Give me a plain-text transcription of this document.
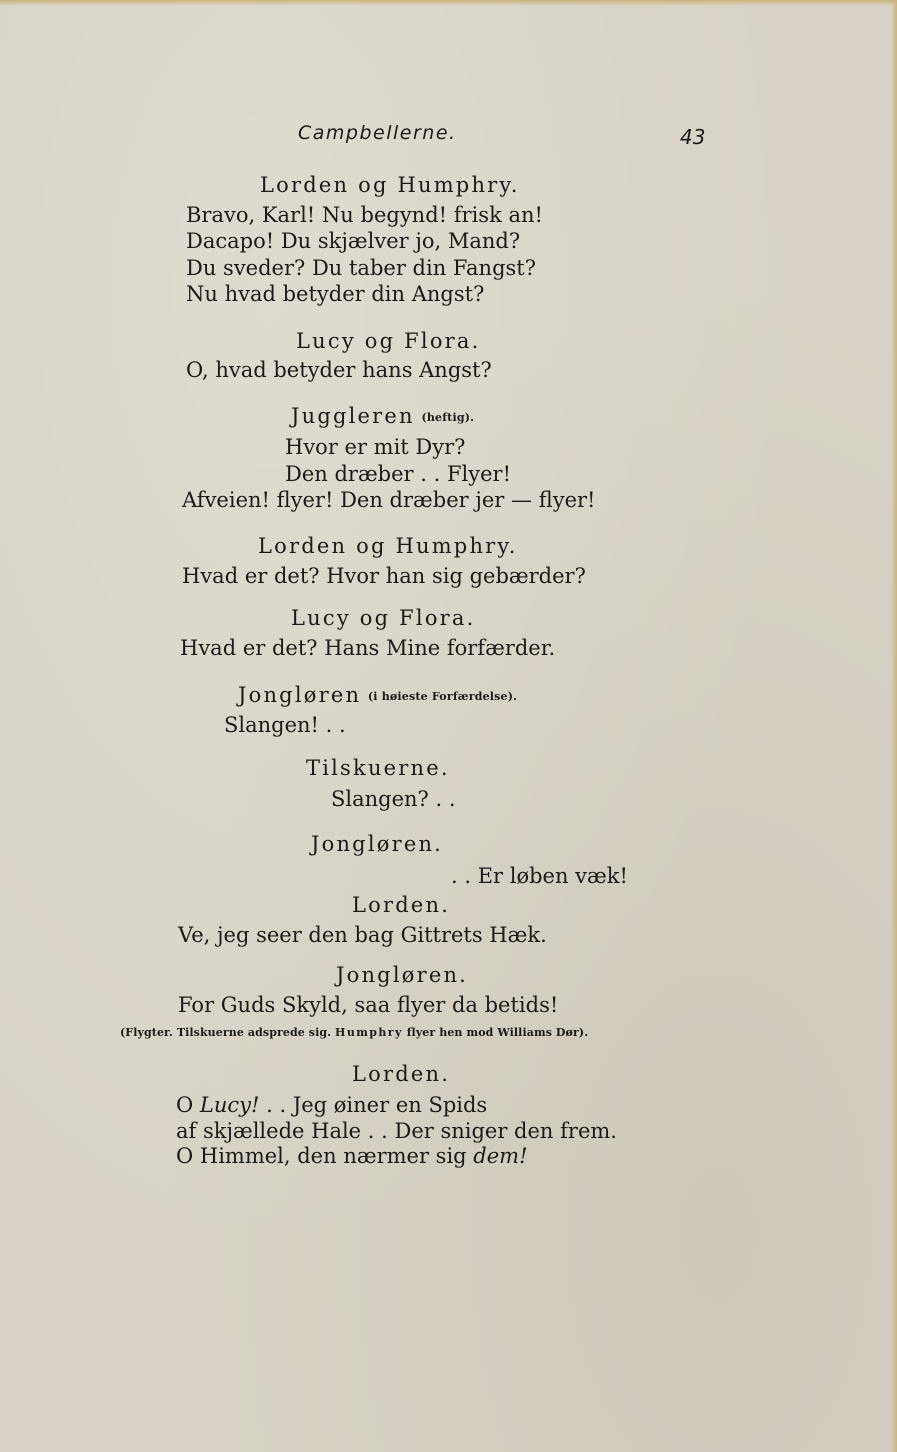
Campbellerne.	43
Lorden og Humphry.
Bravo, Karl! Nu begynd! frisk an!
Dacapo! Du skjælver jo, Mand?
Du sveder? Du taber din Fangst?
Nu hvad betyder din Angst?
Lucy og Flora.
O, hvad betyder hans Angst?
Juggleren (heftig).
Hvor er mit Dyr?
Den dræber . . Flyer!
Afveien! flyer! Den dræber jer — flyer!
Lorden og Humphry.
Hvad er det? Hvor han sig gebærder?
Lucy og Flora.
Hvad er det? Hans Mine forfærder.
Jongløren (i høieste Forfærdelse).
Slangen! . .
Tilskuerne.
Slangen? . .
Jongløren.
. . Er løben væk!
Lorden.
Ve, jeg seer den bag Gittrets Hæk.
Jongløren.
For Guds Skyld, saa flyer da betids!
(Flygter. Tilskuerne adsprede sig. Humphry flyer hen mod Williams Dør).
Lorden.
O Lucy! . . Jeg øiner en Spids
af skjællede Hale . . Der sniger den frem.
O Himmel, den nærmer sig dem!
